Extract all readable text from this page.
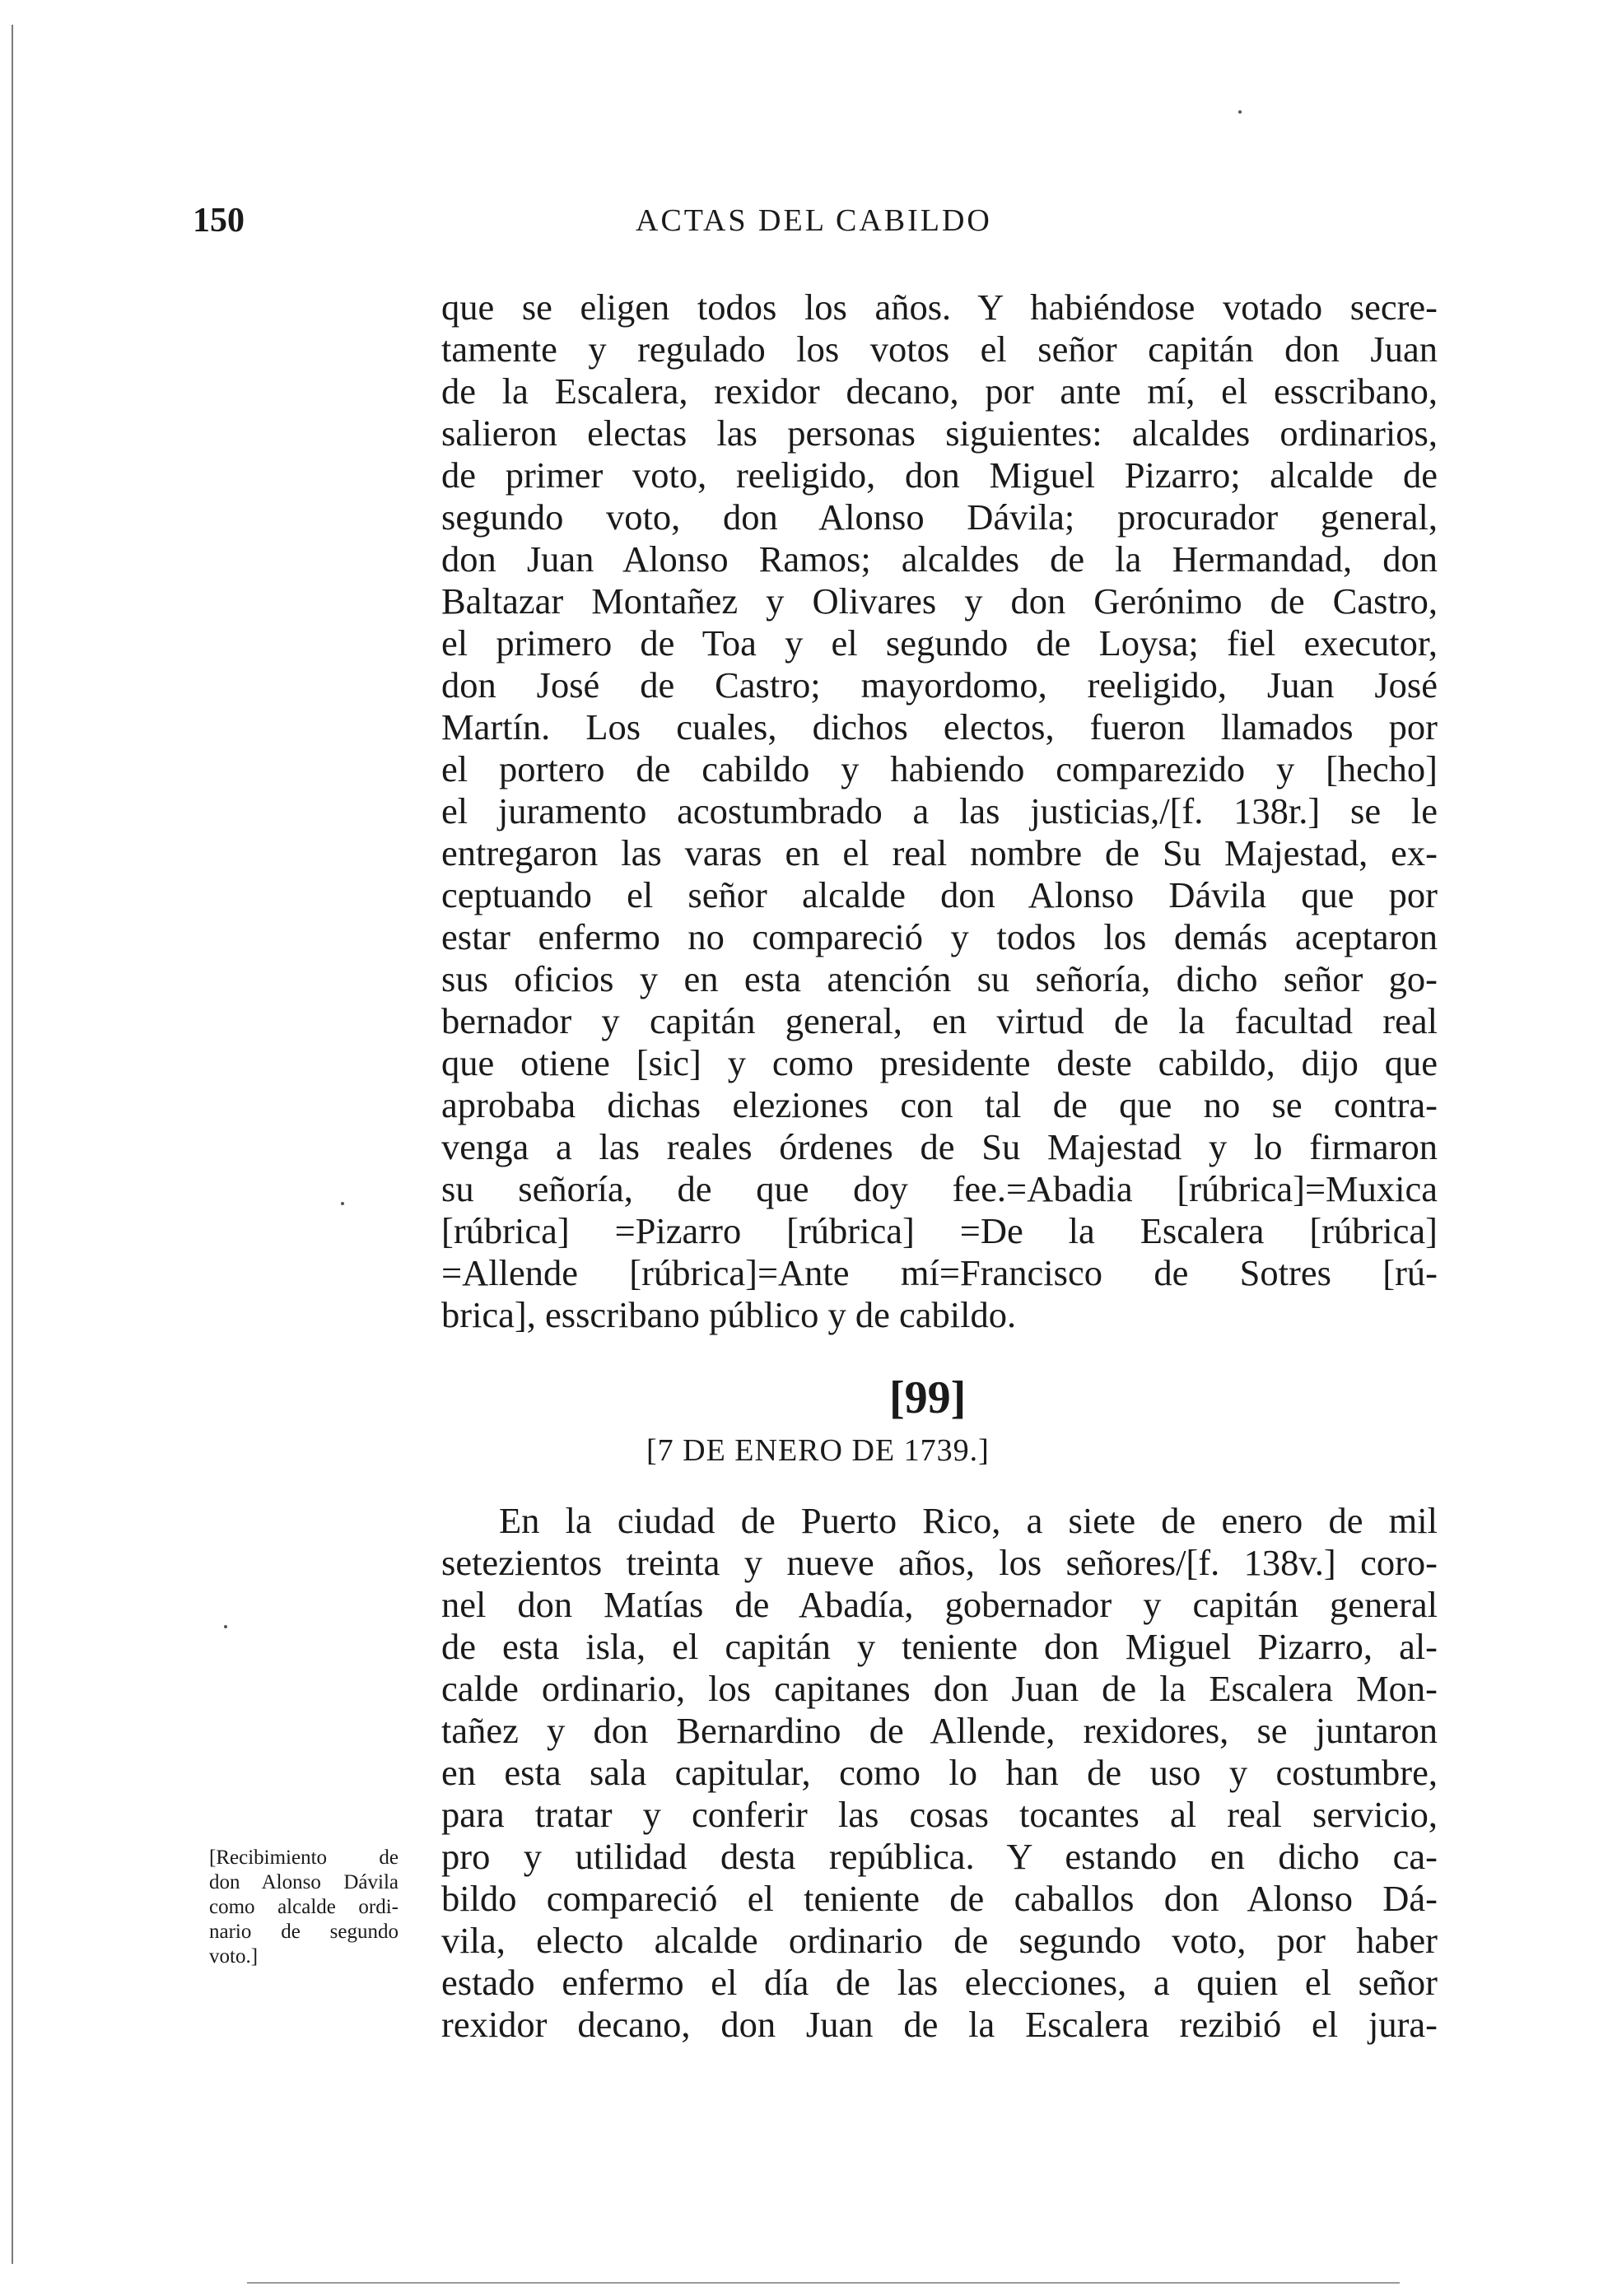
150	ACTAS DEL CABILDO
que se eligen todos los años. Y habiéndose votado secre-
tamente y regulado los votos el señor capitán don Juan
de la Escalera, rexidor decano, por ante mí, el esscribano,
salieron electas las personas siguientes: alcaldes ordinarios,
de primer voto, reeligido, don Miguel Pizarro; alcalde de
segundo voto, don Alonso Dávila; procurador general,
don Juan Alonso Ramos; alcaldes de la Hermandad, don
Baltazar Montañez y Olivares y don Gerónimo de Castro,
el primero de Toa y el segundo de Loysa; fiel executor,
don José de Castro; mayordomo, reeligido, Juan José
Martín. Los cuales, dichos electos, fueron llamados por
el portero de cabildo y habiendo comparezido y [hecho]
el juramento acostumbrado a las justicias,/[f. 138r.] se le
entregaron las varas en el real nombre de Su Majestad, ex-
ceptuando el señor alcalde don Alonso Dávila que por
estar enfermo no compareció y todos los demás aceptaron
sus oficios y en esta atención su señoría, dicho señor go-
bernador y capitán general, en virtud de la facultad real
que otiene [sic] y como presidente deste cabildo, dijo que
aprobaba dichas eleziones con tal de que no se contra-
venga a las reales órdenes de Su Majestad y lo firmaron
su señoría, de que doy fee.=Abadia [rúbrica]=Muxica
[rúbrica] =Pizarro [rúbrica] =De la Escalera [rúbrica]
=Allende [rúbrica]=Ante mí=Francisco de Sotres [rú-
brica], esscribano público y de cabildo.
[99]
[7 DE ENERO DE 1739.]
En la ciudad de Puerto Rico, a siete de enero de mil
setezientos treinta y nueve años, los señores/[f. 138v.] coro-
nel don Matías de Abadía, gobernador y capitán general
de esta isla, el capitán y teniente don Miguel Pizarro, al-
calde ordinario, los capitanes don Juan de la Escalera Mon-
tañez y don Bernardino de Allende, rexidores, se juntaron
en esta sala capitular, como lo han de uso y costumbre,
para tratar y conferir las cosas tocantes al real servicio,
pro y utilidad desta república. Y estando en dicho ca-
bildo compareció el teniente de caballos don Alonso Dá-
vila, electo alcalde ordinario de segundo voto, por haber
estado enfermo el día de las elecciones, a quien el señor
rexidor decano, don Juan de la Escalera rezibió el jura-
[Recibimiento de
don Alonso Dávila
como alcalde ordi-
nario de segundo
voto.]
